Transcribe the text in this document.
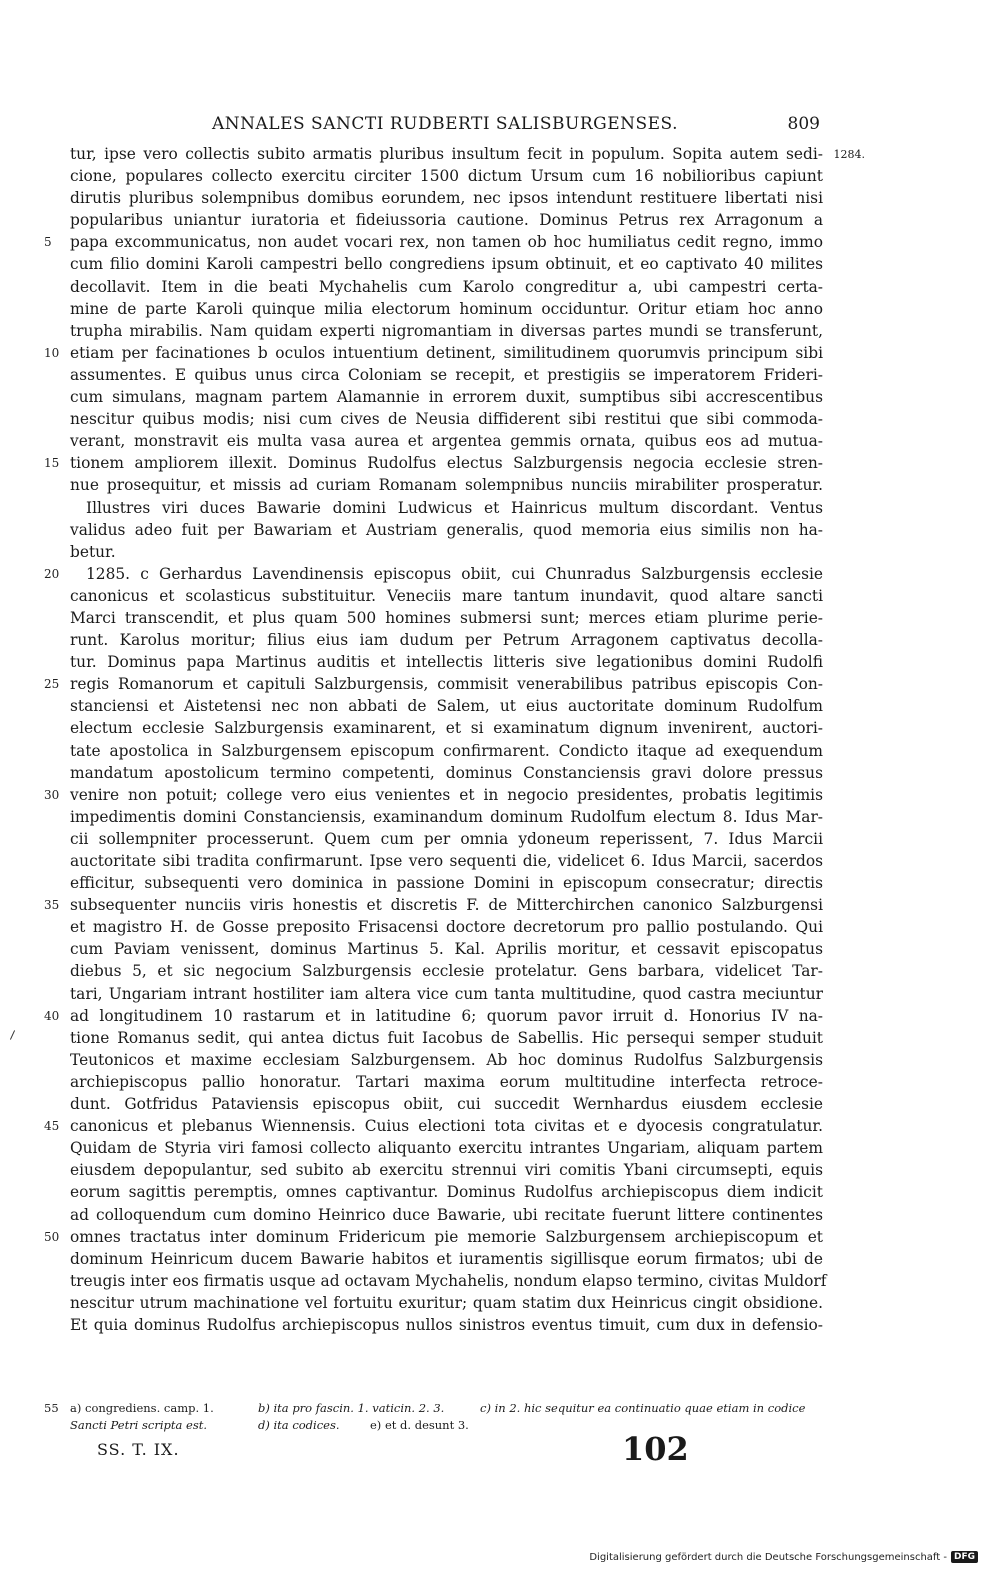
ANNALES SANCTI RUDBERTI SALISBURGENSES.	809
tur, ipse vero collectis subito armatis pluribus insultum fecit in populum. Sopita autem sedi- 1284.
cione, populares collecto exercitu circiter 1500 dictum Ursum cum 16 nobilioribus capiunt
dirutis pluribus solempnibus domibus eorundem, nec ipsos intendunt restituere libertati nisi
popularibus uniantur iuratoria et fideiussoria cautione. Dominus Petrus rex Arragonum a
5	papa excommunicatus, non audet vocari rex, non tamen ob hoc humiliatus cedit regno, immo
cum filio domini Karoli campestri bello congrediens ipsum obtinuit, et eo captivato 40 milites
decollavit. Item in die beati Mychahelis cum Karolo congreditur a, ubi campestri certa-
mine de parte Karoli quinque milia electorum hominum occiduntur. Oritur etiam hoc anno
trupha mirabilis. Nam quidam experti nigromantiam in diversas partes mundi se transferunt,
10 etiam per facinationes b oculos intuentium detinent, similitudinem quorumvis principum sibi
assumentes. E quibus unus circa Coloniam se recepit, et prestigiis se imperatorem Frideri-
cum simulans, magnam partem Alamannie in errorem duxit, sumptibus sibi accrescentibus
nescitur quibus modis; nisi cum cives de Neusia diffiderent sibi restitui que sibi commoda-
verant, monstravit eis multa vasa aurea et argentea gemmis ornata, quibus eos ad mutua-
15 tionem ampliorem illexit. Dominus Rudolfus electus Salzburgensis negocia ecclesie stren-
nue prosequitur, et missis ad curiam Romanam solempnibus nunciis mirabiliter prosperatur.
Illustres viri duces Bawarie domini Ludwicus et Hainricus multum discordant. Ventus
validus adeo fuit per Bawariam et Austriam generalis, quod memoria eius similis non ha-
betur.
20	1285. c Gerhardus Lavendinensis episcopus obiit, cui Chunradus Salzburgensis ecclesie
canonicus et scolasticus substituitur. Veneciis mare tantum inundavit, quod altare sancti
Marci transcendit, et plus quam 500 homines submersi sunt; merces etiam plurime perie-
runt. Karolus moritur; filius eius iam dudum per Petrum Arragonem captivatus decolla-
tur. Dominus papa Martinus auditis et intellectis litteris sive legationibus domini Rudolfi
25 regis Romanorum et capituli Salzburgensis, commisit venerabilibus patribus episcopis Con-
stanciensi et Aistetensi nec non abbati de Salem, ut eius auctoritate dominum Rudolfum
electum ecclesie Salzburgensis examinarent, et si examinatum dignum invenirent, auctori-
tate apostolica in Salzburgensem episcopum confirmarent. Condicto itaque ad exequendum
mandatum apostolicum termino competenti, dominus Constanciensis gravi dolore pressus
30 venire non potuit; college vero eius venientes et in negocio presidentes, probatis legitimis
impedimentis domini Constanciensis, examinandum dominum Rudolfum electum 8. Idus Mar-
cii sollempniter processerunt. Quem cum per omnia ydoneum reperissent, 7. Idus Marcii
auctoritate sibi tradita confirmarunt. Ipse vero sequenti die, videlicet 6. Idus Marcii, sacerdos
efficitur, subsequenti vero dominica in passione Domini in episcopum consecratur; directis
35 subsequenter nunciis viris honestis et discretis F. de Mitterchirchen canonico Salzburgensi
et magistro H. de Gosse preposito Frisacensi doctore decretorum pro pallio postulando. Qui
cum Paviam venissent, dominus Martinus 5. Kal. Aprilis moritur, et cessavit episcopatus
diebus 5, et sic negocium Salzburgensis ecclesie protelatur. Gens barbara, videlicet Tar-
tari, Ungariam intrant hostiliter iam altera vice cum tanta multitudine, quod castra meciuntur
40 ad longitudinem 10 rastarum et in latitudine 6; quorum pavor irruit d. Honorius IV na-
tione Romanus sedit, qui antea dictus fuit Iacobus de Sabellis. Hic persequi semper studuit
Teutonicos et maxime ecclesiam Salzburgensem. Ab hoc dominus Rudolfus Salzburgensis
archiepiscopus pallio honoratur. Tartari maxima eorum multitudine interfecta retroce-
dunt. Gotfridus Pataviensis episcopus obiit, cui succedit Wernhardus eiusdem ecclesie
45 canonicus et plebanus Wiennensis. Cuius electioni tota civitas et e dyocesis congratulatur.
Quidam de Styria viri famosi collecto aliquanto exercitu intrantes Ungariam, aliquam partem
eiusdem depopulantur, sed subito ab exercitu strennui viri comitis Ybani circumsepti, equis
eorum sagittis peremptis, omnes captivantur. Dominus Rudolfus archiepiscopus diem indicit
ad colloquendum cum domino Heinrico duce Bawarie, ubi recitate fuerunt littere continentes
50 omnes tractatus inter dominum Fridericum pie memorie Salzburgensem archiepiscopum et
dominum Heinricum ducem Bawarie habitos et iuramentis sigillisque eorum firmatos; ubi de
treugis inter eos firmatis usque ad octavam Mychahelis, nondum elapso termino, civitas Muldorf
nescitur utrum machinatione vel fortuitu exuritur; quam statim dux Heinricus cingit obsidione.
Et quia dominus Rudolfus archiepiscopus nullos sinistros eventus timuit, cum dux in defensio-
55 a) congrediens. camp. 1.	b) ita pro fascin. 1. vaticin. 2. 3.	c) in 2. hic sequitur ea continuatio quae etiam in codice
Sancti Petri scripta est.	d) ita codices.	e) et d. desunt 3.
SS. T. IX.	102
Digitalisierung gefördert durch die Deutsche Forschungsgemeinschaft - DFG
